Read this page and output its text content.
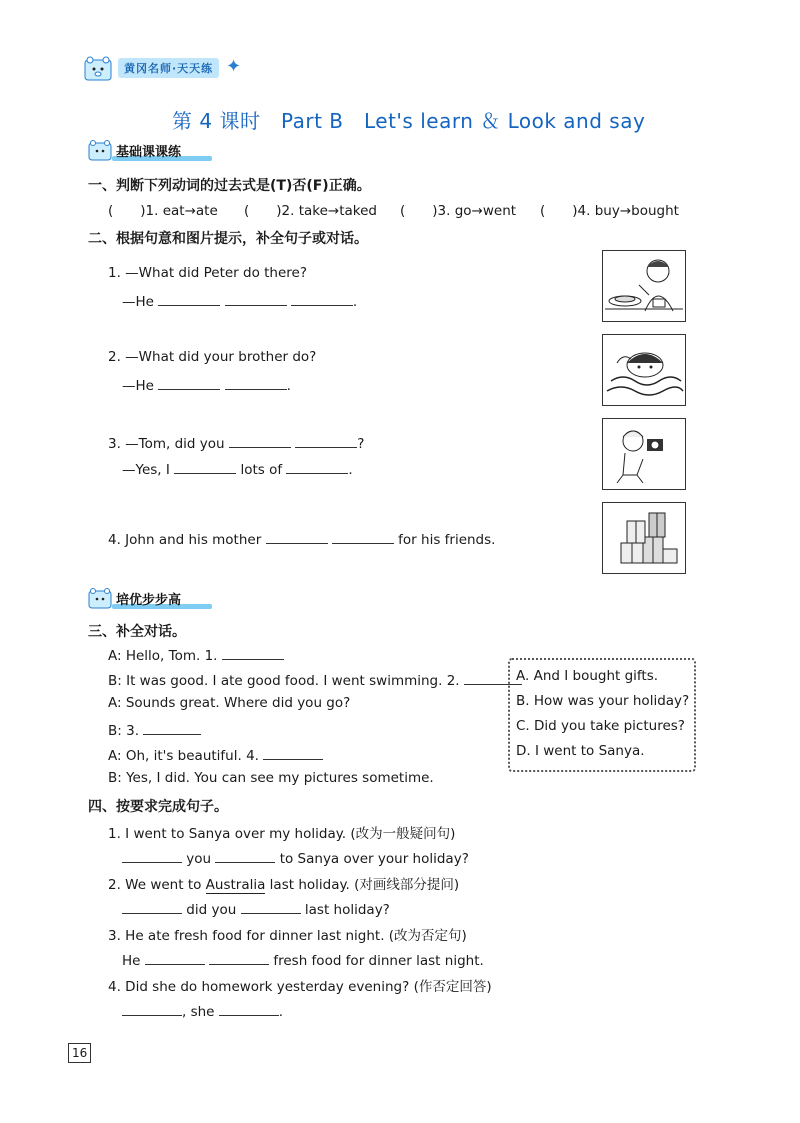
黄冈名师·天天练 ✦
第 4 课时　Part B　Let's learn ＆ Look and say
基础课课练
一、判断下列动词的过去式是(T)否(F)正确。
(　　)1. eat→ate (　　)2. take→taked (　　)3. go→went (　　)4. buy→bought
二、根据句意和图片提示，补全句子或对话。
1. —What did Peter do there?
—He	.
2. —What did your brother do?
—He	.
3. —Tom, did you	?
—Yes, I	lots of	.
4. John and his mother	for his friends.
培优步步高
三、补全对话。
A: Hello, Tom. 1.
B: It was good. I ate good food. I went swimming. 2.
A: Sounds great. Where did you go?
B: 3.
A: Oh, it's beautiful. 4.
B: Yes, I did. You can see my pictures sometime.
A. And I bought gifts.
B. How was your holiday?
C. Did you take pictures?
D. I went to Sanya.
四、按要求完成句子。
1. I went to Sanya over my holiday. (改为一般疑问句)
you	to Sanya over your holiday?
2. We went to Australia last holiday. (对画线部分提问)
did you	last holiday?
3. He ate fresh food for dinner last night. (改为否定句)
He	fresh food for dinner last night.
4. Did she do homework yesterday evening? (作否定回答)
, she	.
16
